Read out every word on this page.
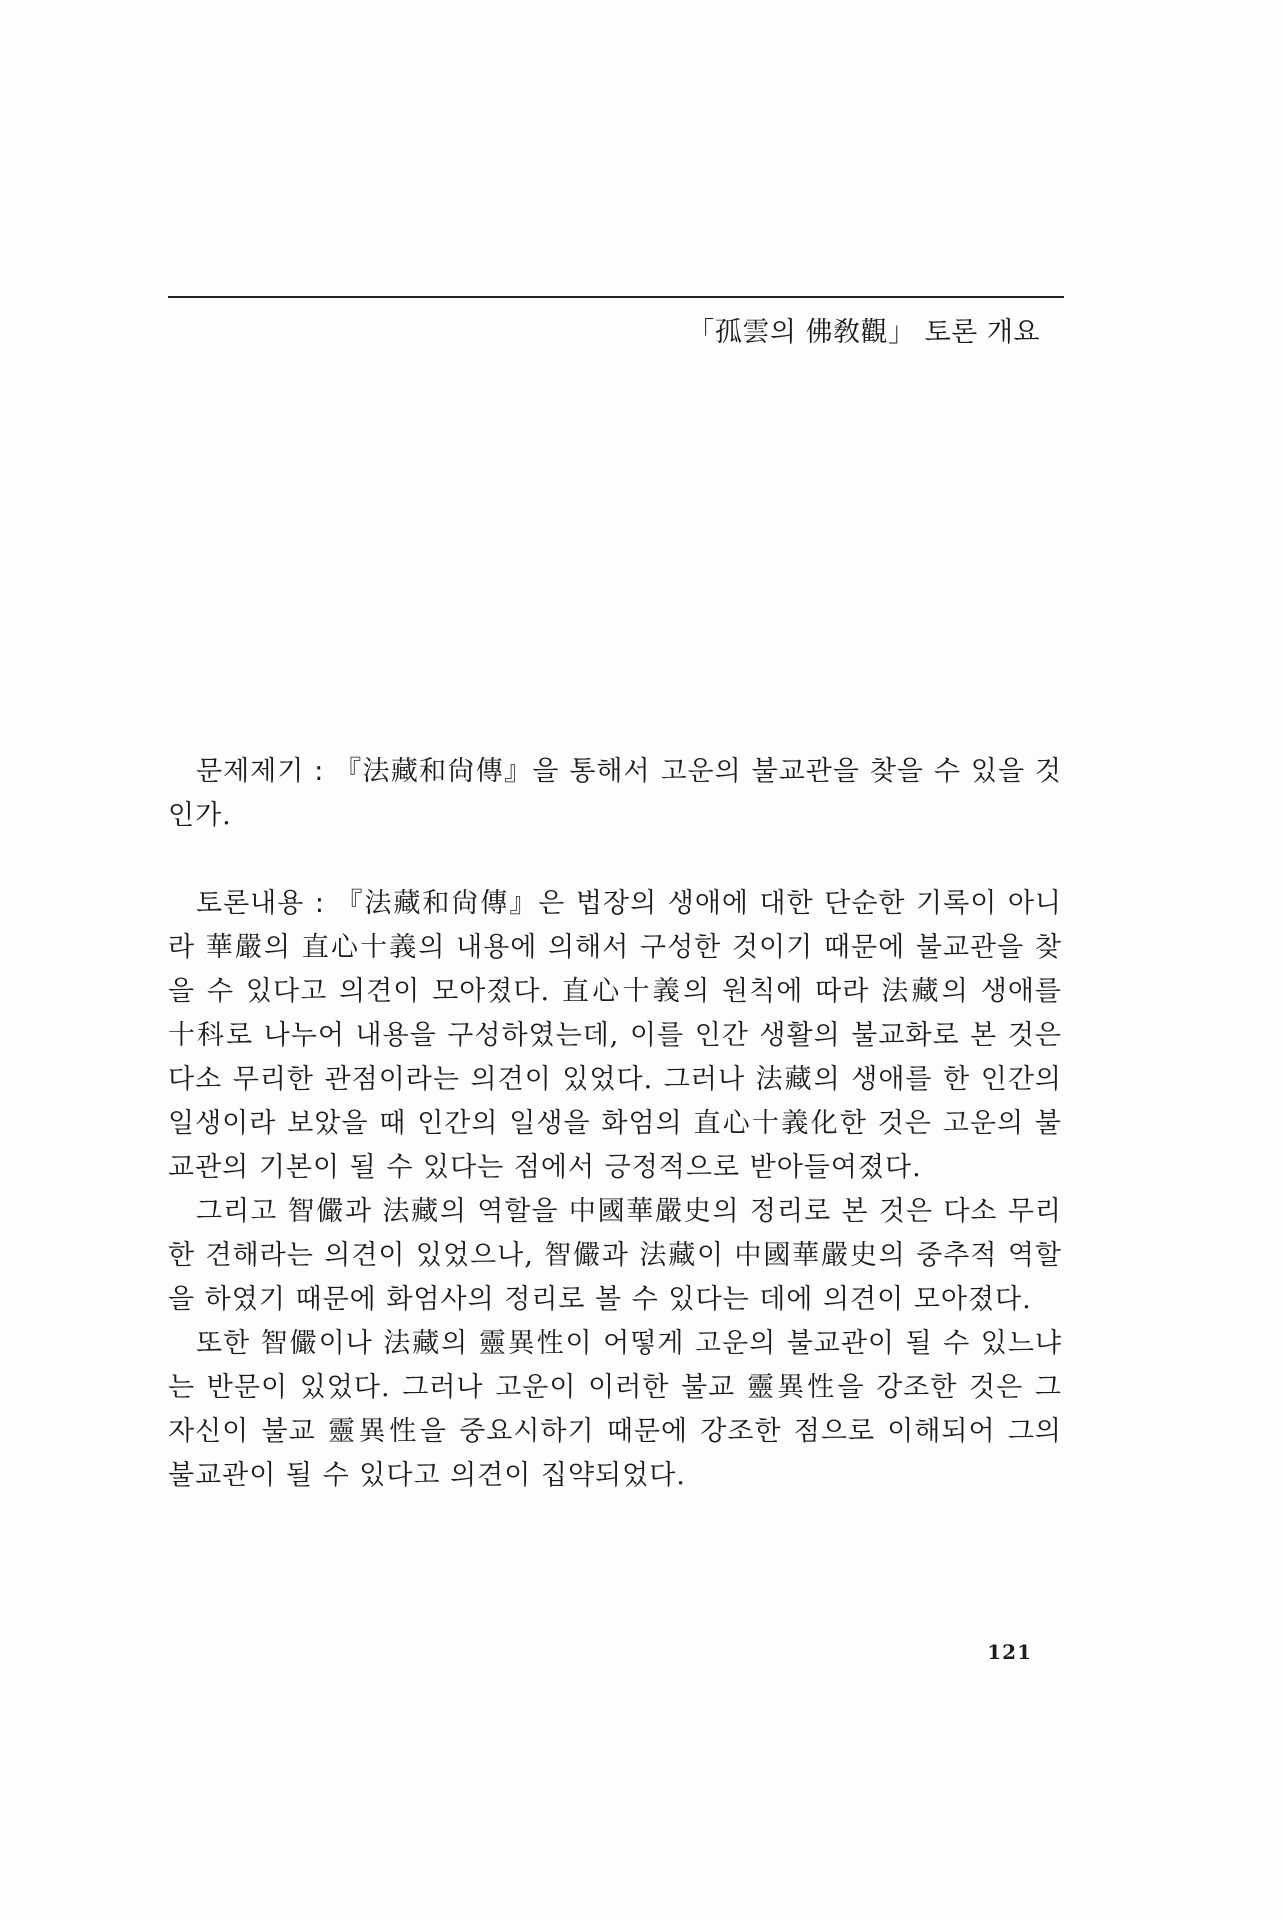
「孤雲의 佛敎觀」 토론 개요

문제제기 : 『法藏和尙傳』을 통해서 고운의 불교관을 찾을 수 있을 것인가.

토론내용 : 『法藏和尙傳』은 법장의 생애에 대한 단순한 기록이 아니라 華嚴의 直心十義의 내용에 의해서 구성한 것이기 때문에 불교관을 찾을 수 있다고 의견이 모아졌다. 直心十義의 원칙에 따라 法藏의 생애를 十科로 나누어 내용을 구성하였는데, 이를 인간 생활의 불교화로 본 것은 다소 무리한 관점이라는 의견이 있었다. 그러나 法藏의 생애를 한 인간의 일생이라 보았을 때 인간의 일생을 화엄의 直心十義化한 것은 고운의 불교관의 기본이 될 수 있다는 점에서 긍정적으로 받아들여졌다.

그리고 智儼과 法藏의 역할을 中國華嚴史의 정리로 본 것은 다소 무리한 견해라는 의견이 있었으나, 智儼과 法藏이 中國華嚴史의 중추적 역할을 하였기 때문에 화엄사의 정리로 볼 수 있다는 데에 의견이 모아졌다.

또한 智儼이나 法藏의 靈異性이 어떻게 고운의 불교관이 될 수 있느냐는 반문이 있었다. 그러나 고운이 이러한 불교 靈異性을 강조한 것은 그 자신이 불교 靈異性을 중요시하기 때문에 강조한 점으로 이해되어 그의 불교관이 될 수 있다고 의견이 집약되었다.

121
